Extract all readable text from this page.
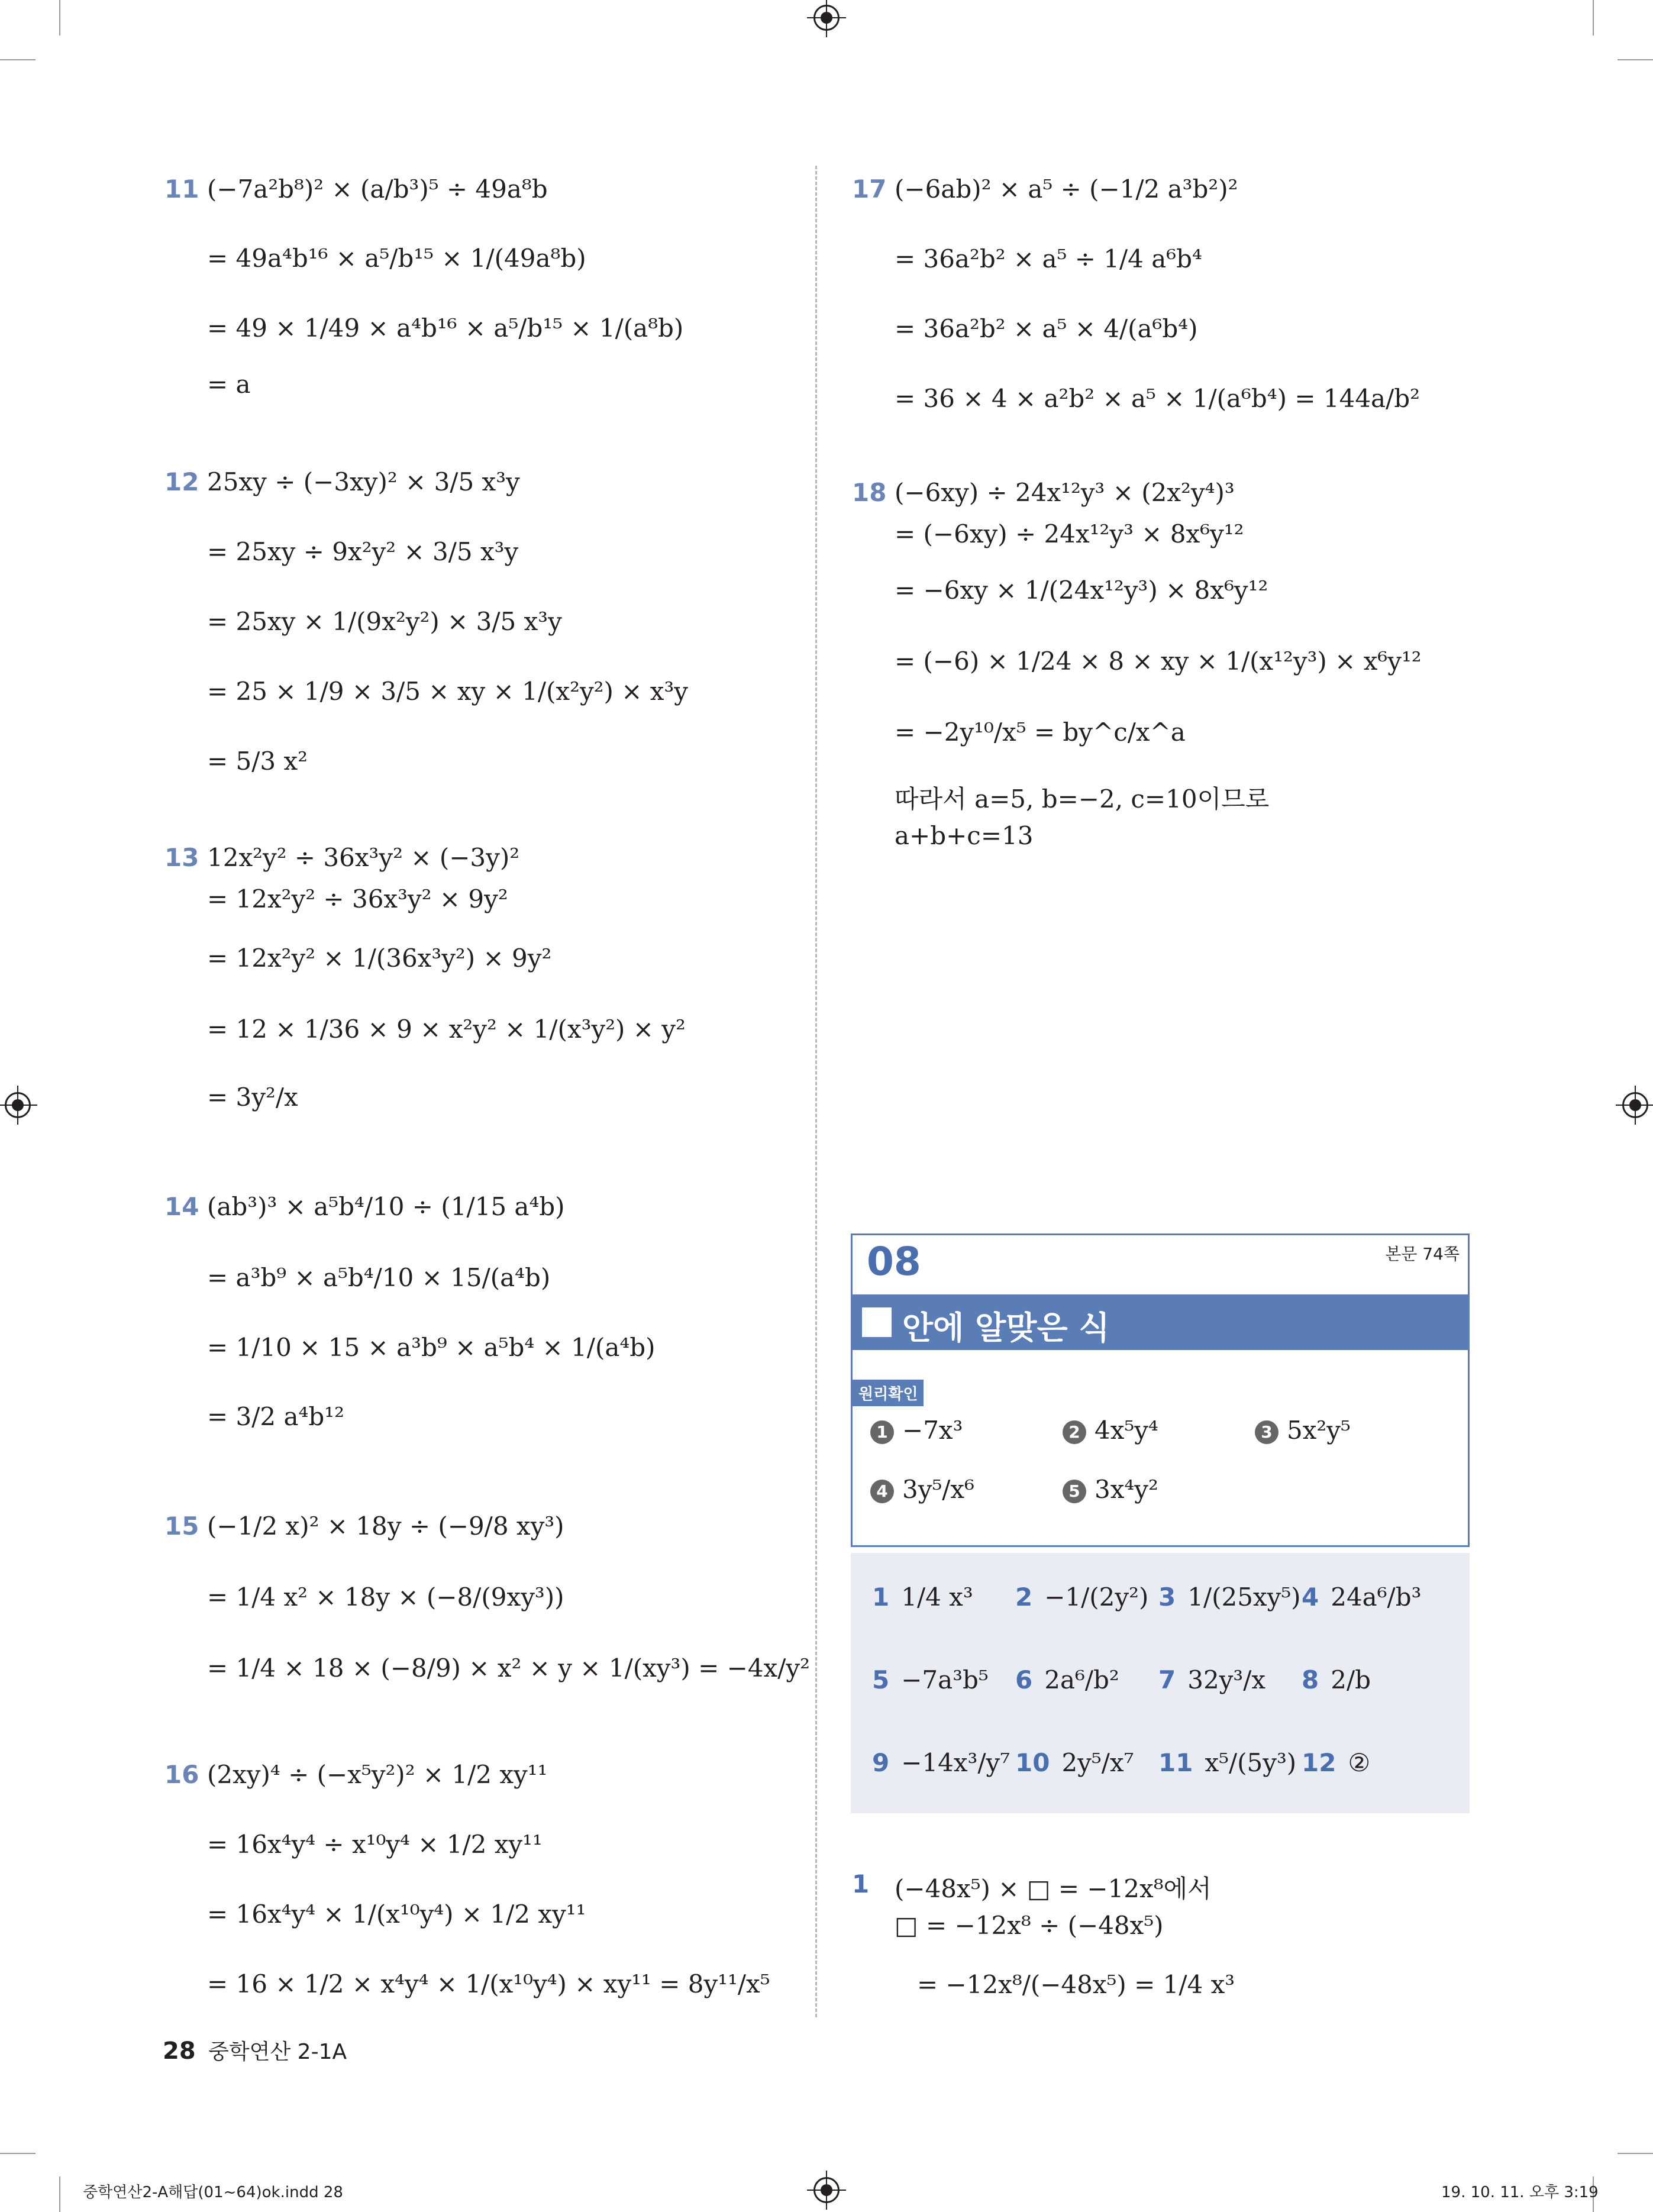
11 (−7a²b⁸)² × (a/b³)⁵ ÷ 49a⁸b
= 49a⁴b¹⁶ × a⁵/b¹⁵ × 1/(49a⁸b)
= 49 × 1/49 × a⁴b¹⁶ × a⁵/b¹⁵ × 1/(a⁸b)
= a
12 25xy ÷ (−3xy)² × 3/5 x³y
= 25xy ÷ 9x²y² × 3/5 x³y
= 25xy × 1/(9x²y²) × 3/5 x³y
= 25 × 1/9 × 3/5 × xy × 1/(x²y²) × x³y
= 5/3 x²
13 12x²y² ÷ 36x³y² × (−3y)²
= 12x²y² ÷ 36x³y² × 9y²
= 12x²y² × 1/(36x³y²) × 9y²
= 12 × 1/36 × 9 × x²y² × 1/(x³y²) × y²
= 3y²/x
14 (ab³)³ × a⁵b⁴/10 ÷ (1/15 a⁴b)
= a³b⁹ × a⁵b⁴/10 × 15/(a⁴b)
= 1/10 × 15 × a³b⁹ × a⁵b⁴ × 1/(a⁴b)
= 3/2 a⁴b¹²
15 (−1/2 x)² × 18y ÷ (−9/8 xy³)
= 1/4 x² × 18y × (−8/(9xy³))
= 1/4 × 18 × (−8/9) × x² × y × 1/(xy³) = −4x/y²
16 (2xy)⁴ ÷ (−x⁵y²)² × 1/2 xy¹¹
= 16x⁴y⁴ ÷ x¹⁰y⁴ × 1/2 xy¹¹
= 16x⁴y⁴ × 1/(x¹⁰y⁴) × 1/2 xy¹¹
= 16 × 1/2 × x⁴y⁴ × 1/(x¹⁰y⁴) × xy¹¹ = 8y¹¹/x⁵
17 (−6ab)² × a⁵ ÷ (−1/2 a³b²)²
= 36a²b² × a⁵ ÷ 1/4 a⁶b⁴
= 36a²b² × a⁵ × 4/(a⁶b⁴)
= 36 × 4 × a²b² × a⁵ × 1/(a⁶b⁴) = 144a/b²
18 (−6xy) ÷ 24x¹²y³ × (2x²y⁴)³
= (−6xy) ÷ 24x¹²y³ × 8x⁶y¹²
= −6xy × 1/(24x¹²y³) × 8x⁶y¹²
= (−6) × 1/24 × 8 × xy × 1/(x¹²y³) × x⁶y¹²
= −2y¹⁰/x⁵ = by^c/x^a
따라서 a=5, b=−2, c=10이므로
a+b+c=13
08	본문 74쪽
안에 알맞은 식
원리확인
1 −7x³	2 4x⁵y⁴	3 5x²y⁵
4 3y⁵/x⁶	5 3x⁴y²
1 1/4 x³ 2 −1/(2y²) 3 1/(25xy⁵) 4 24a⁶/b³
5 −7a³b⁵ 6 2a⁶/b² 7 32y³/x 8 2/b
9 −14x³/y⁷ 10 2y⁵/x⁷ 11 x⁵/(5y³) 12 ②
1 (−48x⁵) × □ = −12x⁸에서
□ = −12x⁸ ÷ (−48x⁵)
= −12x⁸/(−48x⁵) = 1/4 x³
28 중학연산 2-1A
중학연산2-A해답(01~64)ok.indd 28	19. 10. 11. 오후 3:19
